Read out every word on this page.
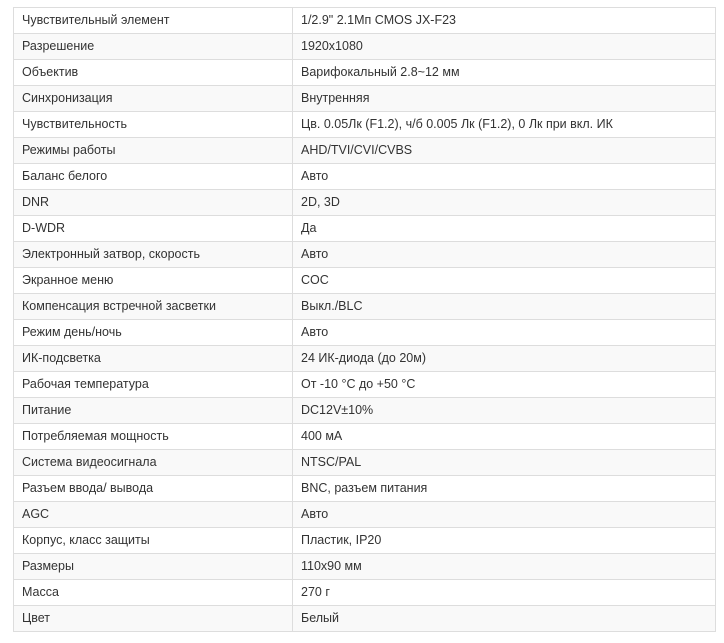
Чувствительный элемент	1/2.9" 2.1Мп CMOS JX-F23
Разрешение	1920x1080
Объектив	Варифокальный 2.8~12 мм
Синхронизация	Внутренняя
Чувствительность	Цв. 0.05Лк (F1.2), ч/б 0.005 Лк (F1.2), 0 Лк при вкл. ИК
Режимы работы	AHD/TVI/CVI/CVBS
Баланс белого	Авто
DNR	2D, 3D
D-WDR	Да
Электронный затвор, скорость	Авто
Экранное меню	COC
Компенсация встречной засветки	Выкл./BLC
Режим день/ночь	Авто
ИК-подсветка	24 ИК-диода (до 20м)
Рабочая температура	От -10 °C до +50 °C
Питание	DC12V±10%
Потребляемая мощность	400 мА
Система видеосигнала	NTSC/PAL
Разъем ввода/ вывода	BNC, разъем питания
AGC	Авто
Корпус, класс защиты	Пластик, IP20
Размеры	110x90 мм
Масса	270 г
Цвет	Белый
